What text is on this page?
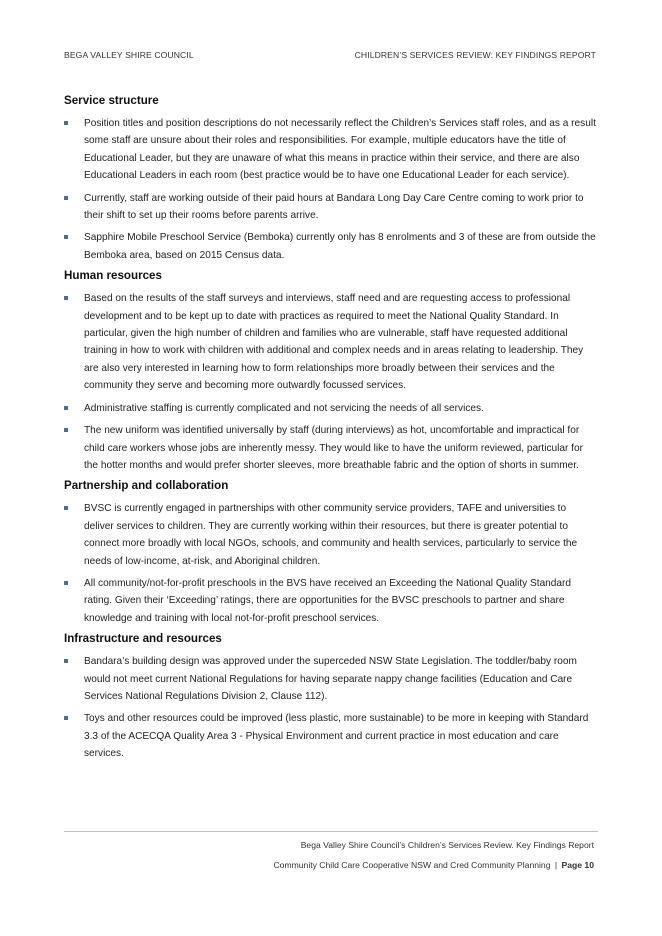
BEGA VALLEY SHIRE COUNCIL	CHILDREN’S SERVICES REVIEW: KEY FINDINGS REPORT
Service structure
Position titles and position descriptions do not necessarily reflect the Children’s Services staff roles, and as a result some staff are unsure about their roles and responsibilities. For example, multiple educators have the title of Educational Leader, but they are unaware of what this means in practice within their service, and there are also Educational Leaders in each room (best practice would be to have one Educational Leader for each service).
Currently, staff are working outside of their paid hours at Bandara Long Day Care Centre coming to work prior to their shift to set up their rooms before parents arrive.
Sapphire Mobile Preschool Service (Bemboka) currently only has 8 enrolments and 3 of these are from outside the Bemboka area, based on 2015 Census data.
Human resources
Based on the results of the staff surveys and interviews, staff need and are requesting access to professional development and to be kept up to date with practices as required to meet the National Quality Standard. In particular, given the high number of children and families who are vulnerable, staff have requested additional training in how to work with children with additional and complex needs and in areas relating to leadership. They are also very interested in learning how to form relationships more broadly between their services and the community they serve and becoming more outwardly focussed services.
Administrative staffing is currently complicated and not servicing the needs of all services.
The new uniform was identified universally by staff (during interviews) as hot, uncomfortable and impractical for child care workers whose jobs are inherently messy. They would like to have the uniform reviewed, particular for the hotter months and would prefer shorter sleeves, more breathable fabric and the option of shorts in summer.
Partnership and collaboration
BVSC is currently engaged in partnerships with other community service providers, TAFE and universities to deliver services to children. They are currently working within their resources, but there is greater potential to connect more broadly with local NGOs, schools, and community and health services, particularly to service the needs of low-income, at-risk, and Aboriginal children.
All community/not-for-profit preschools in the BVS have received an Exceeding the National Quality Standard rating. Given their ‘Exceeding’ ratings, there are opportunities for the BVSC preschools to partner and share knowledge and training with local not-for-profit preschool services.
Infrastructure and resources
Bandara’s building design was approved under the superceded NSW State Legislation. The toddler/baby room would not meet current National Regulations for having separate nappy change facilities (Education and Care Services National Regulations Division 2, Clause 112).
Toys and other resources could be improved (less plastic, more sustainable) to be more in keeping with Standard 3.3 of the ACECQA Quality Area 3 - Physical Environment and current practice in most education and care services.
Bega Valley Shire Council’s Children’s Services Review. Key Findings Report
Community Child Care Cooperative NSW and Cred Community Planning | Page 10
